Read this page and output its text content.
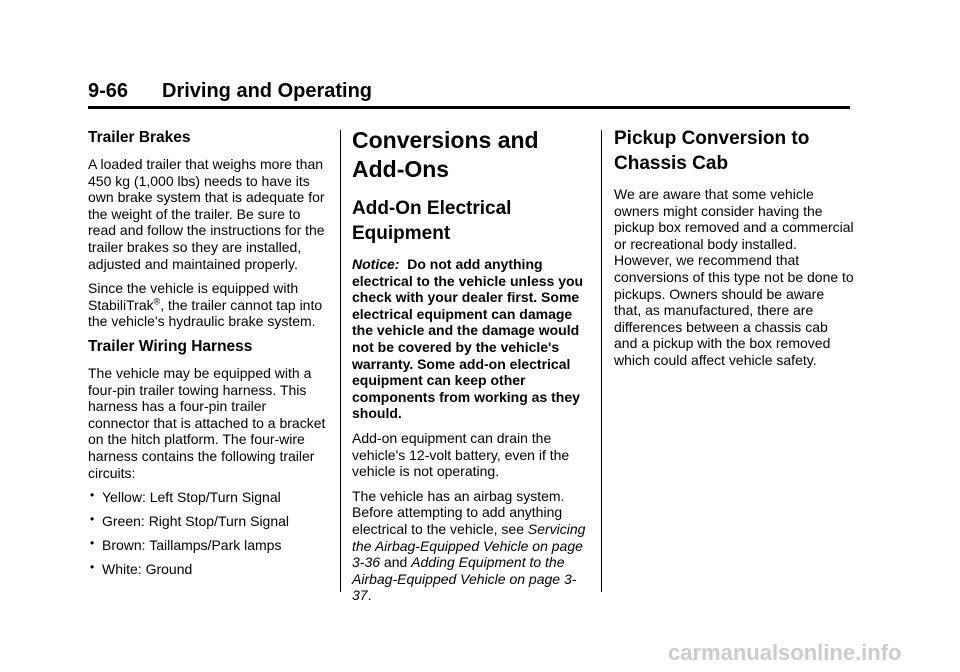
9-66 Driving and Operating
Trailer Brakes

A loaded trailer that weighs more than 450 kg (1,000 lbs) needs to have its own brake system that is adequate for the weight of the trailer. Be sure to read and follow the instructions for the trailer brakes so they are installed, adjusted and maintained properly.

Since the vehicle is equipped with StabiliTrak®, the trailer cannot tap into the vehicle's hydraulic brake system.

Trailer Wiring Harness

The vehicle may be equipped with a four-pin trailer towing harness. This harness has a four-pin trailer connector that is attached to a bracket on the hitch platform. The four-wire harness contains the following trailer circuits:

• Yellow: Left Stop/Turn Signal
• Green: Right Stop/Turn Signal
• Brown: Taillamps/Park lamps
• White: Ground
Conversions and Add-Ons
Add-On Electrical Equipment

Notice: Do not add anything electrical to the vehicle unless you check with your dealer first. Some electrical equipment can damage the vehicle and the damage would not be covered by the vehicle's warranty. Some add-on electrical equipment can keep other components from working as they should.

Add-on equipment can drain the vehicle's 12-volt battery, even if the vehicle is not operating.

The vehicle has an airbag system. Before attempting to add anything electrical to the vehicle, see Servicing the Airbag-Equipped Vehicle on page 3-36 and Adding Equipment to the Airbag-Equipped Vehicle on page 3-37.

Pickup Conversion to Chassis Cab

We are aware that some vehicle owners might consider having the pickup box removed and a commercial or recreational body installed. However, we recommend that conversions of this type not be done to pickups. Owners should be aware that, as manufactured, there are differences between a chassis cab and a pickup with the box removed which could affect vehicle safety.

carmanualsonline.info
